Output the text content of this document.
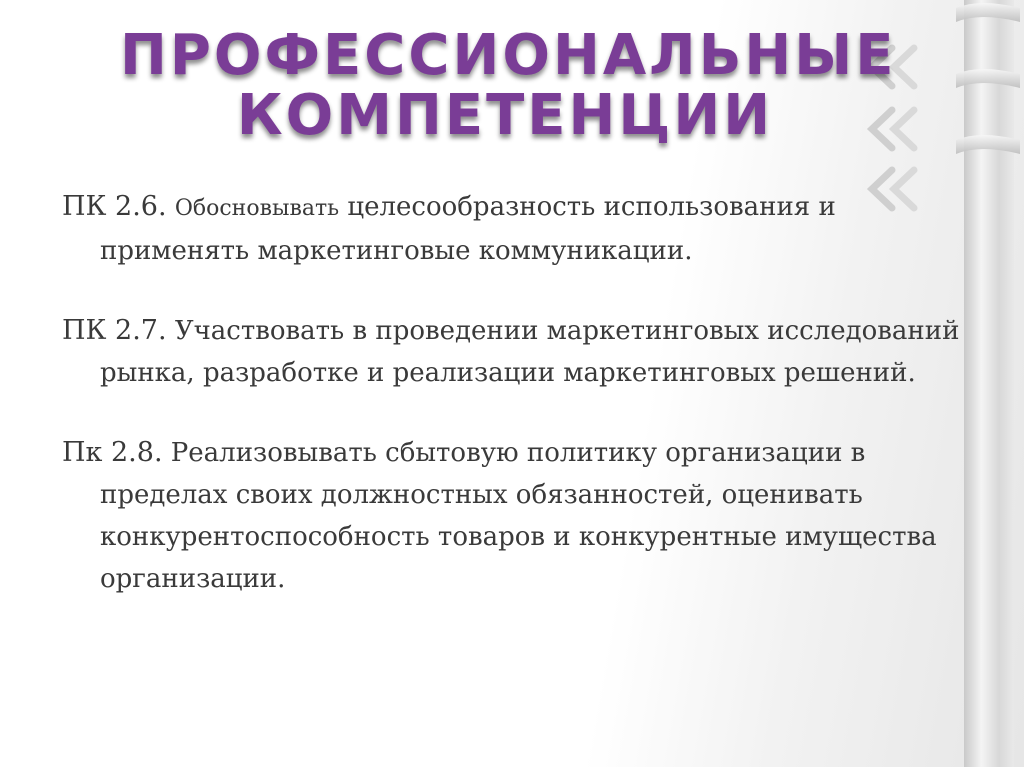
ПРОФЕССИОНАЛЬНЫЕ
КОМПЕТЕНЦИИ
ПК 2.6. Обосновывать целесообразность использования и применять маркетинговые коммуникации.
ПК 2.7. Участвовать в проведении маркетинговых исследований рынка, разработке и реализации маркетинговых решений.
Пк 2.8. Реализовывать сбытовую политику организации в пределах своих должностных обязанностей, оценивать конкурентоспособность товаров и конкурентные имущества организации.
